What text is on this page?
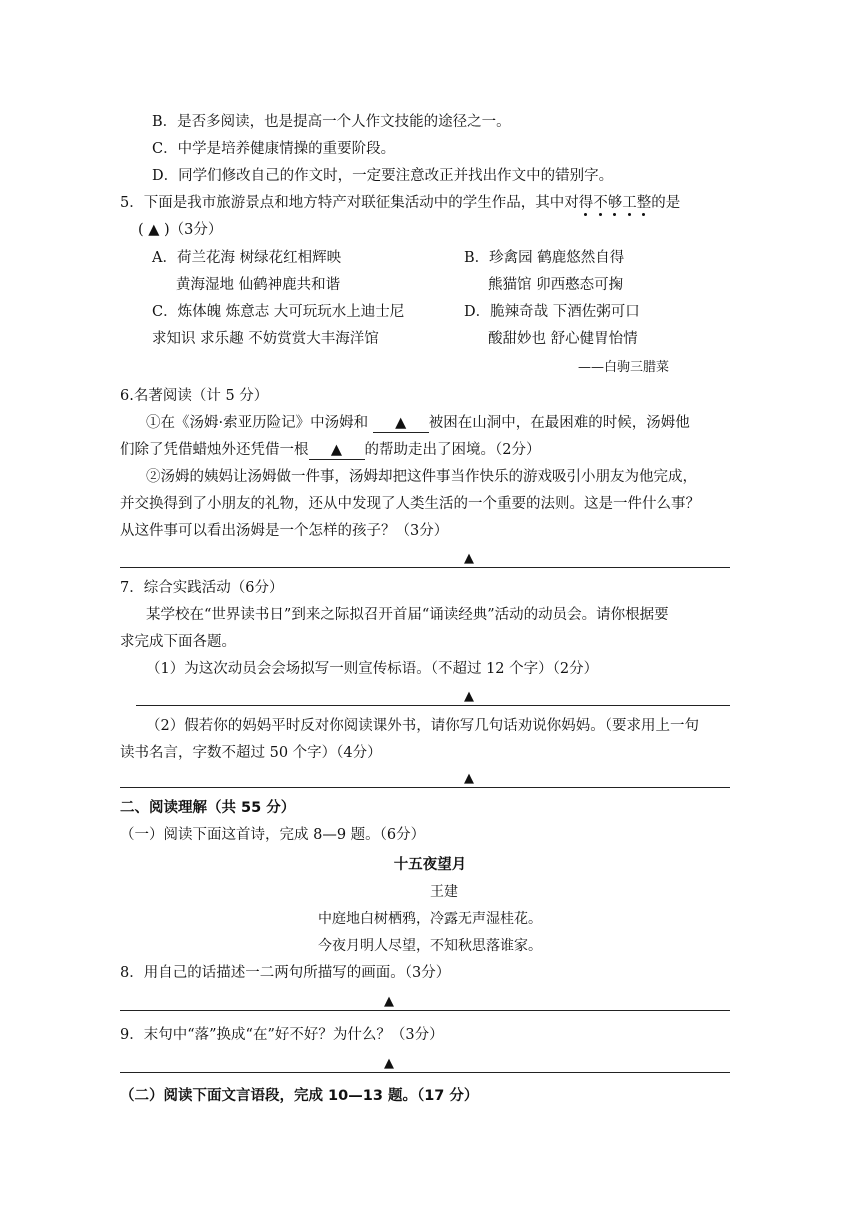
B．是否多阅读，也是提高一个人作文技能的途径之一。
C．中学是培养健康情操的重要阶段。
D．同学们修改自己的作文时，一定要注意改正并找出作文中的错别字。
5．下面是我市旅游景点和地方特产对联征集活动中的学生作品，其中对得不够工整的是
( ▲ )（3分）
A．荷兰花海 树绿花红相辉映
黄海湿地 仙鹤神鹿共和谐
B．珍禽园 鹤鹿悠然自得
熊猫馆 卯西憨态可掬
C．炼体魄 炼意志 大可玩玩水上迪士尼
求知识 求乐趣 不妨赏赏大丰海洋馆
D．脆辣奇哉 下酒佐粥可口
酸甜妙也 舒心健胃怡情
——白驹三腊菜
6.名著阅读（计 5 分）
①在《汤姆·索亚历险记》中汤姆和 ▲ 被困在山洞中，在最困难的时候，汤姆他
们除了凭借蜡烛外还凭借一根 ▲ 的帮助走出了困境。（2分）
②汤姆的姨妈让汤姆做一件事，汤姆却把这件事当作快乐的游戏吸引小朋友为他完成，
并交换得到了小朋友的礼物，还从中发现了人类生活的一个重要的法则。这是一件什么事？
从这件事可以看出汤姆是一个怎样的孩子？（3分）
▲
7．综合实践活动（6分）
某学校在“世界读书日”到来之际拟召开首届“诵读经典”活动的动员会。请你根据要
求完成下面各题。
（1）为这次动员会会场拟写一则宣传标语。（不超过 12 个字）（2分）
▲
（2）假若你的妈妈平时反对你阅读课外书，请你写几句话劝说你妈妈。（要求用上一句
读书名言，字数不超过 50 个字）（4分）
▲
二、阅读理解（共 55 分）
（一）阅读下面这首诗，完成 8—9 题。（6分）
十五夜望月
王建
中庭地白树栖鸦，冷露无声湿桂花。
今夜月明人尽望，不知秋思落谁家。
8．用自己的话描述一二两句所描写的画面。（3分）
▲
9．末句中“落”换成“在”好不好？为什么？（3分）
▲
（二）阅读下面文言语段，完成 10—13 题。（17 分）
